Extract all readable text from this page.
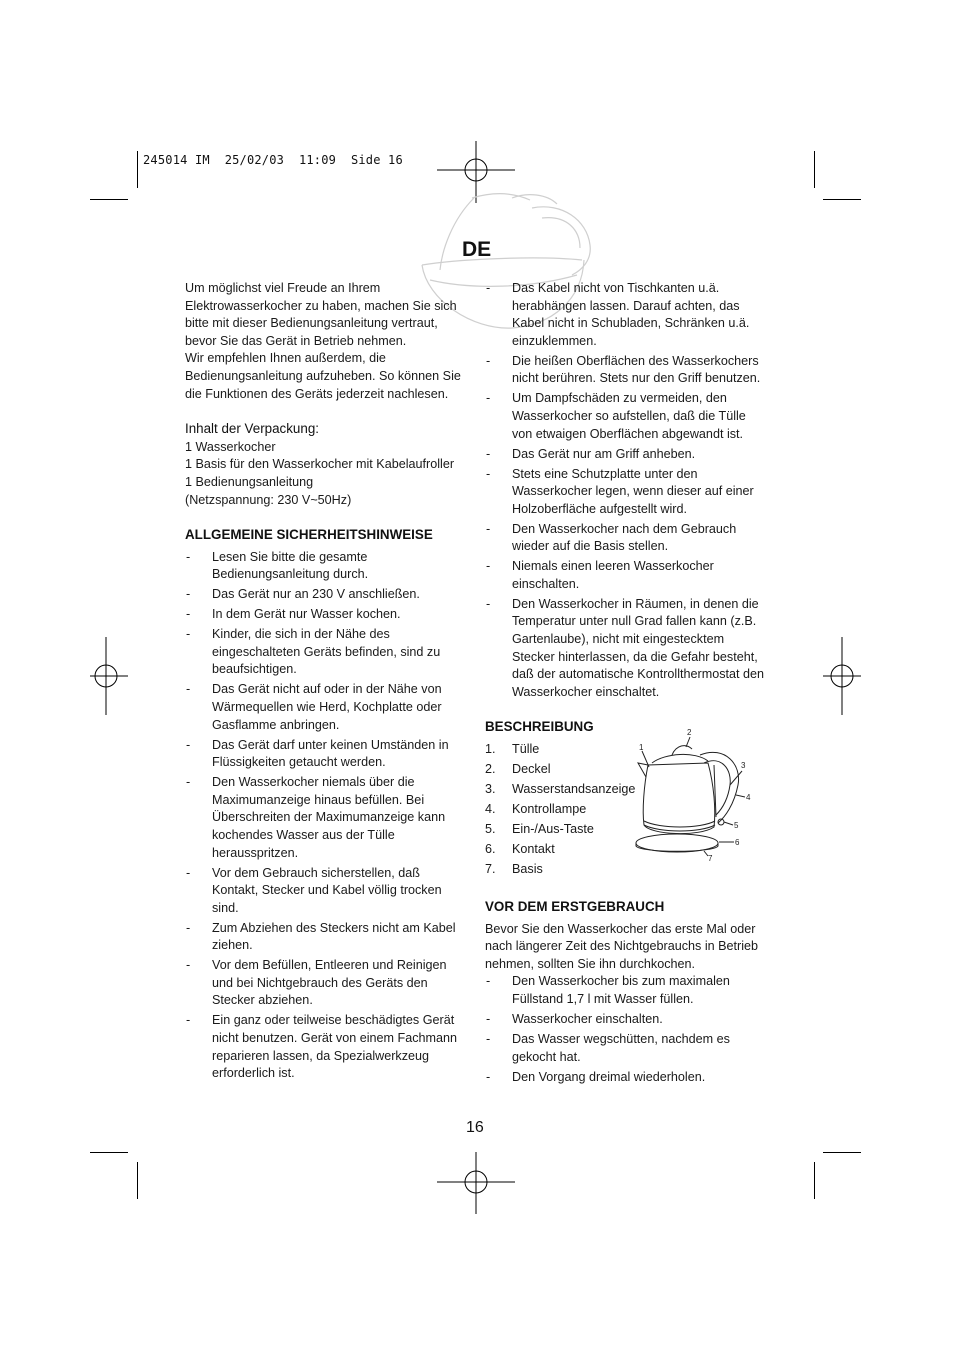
245014 IM 25/02/03 11:09 Side 16
DE

Um möglichst viel Freude an Ihrem Elektrowasserkocher zu haben, machen Sie sich bitte mit dieser Bedienungsanleitung vertraut, bevor Sie das Gerät in Betrieb nehmen.

Wir empfehlen Ihnen außerdem, die Bedienungsanleitung aufzuheben. So können Sie die Funktionen des Geräts jederzeit nachlesen.

Inhalt der Verpackung:
1 Wasserkocher
1 Basis für den Wasserkocher mit Kabelaufroller
1 Bedienungsanleitung
(Netzspannung: 230 V~50Hz)
ALLGEMEINE SICHERHEITSHINWEISE
- Lesen Sie bitte die gesamte Bedienungsanleitung durch.
- Das Gerät nur an 230 V anschließen.
- In dem Gerät nur Wasser kochen.
- Kinder, die sich in der Nähe des eingeschalteten Geräts befinden, sind zu beaufsichtigen.
- Das Gerät nicht auf oder in der Nähe von Wärmequellen wie Herd, Kochplatte oder Gasflamme anbringen.
- Das Gerät darf unter keinen Umständen in Flüssigkeiten getaucht werden.
- Den Wasserkocher niemals über die Maximumanzeige hinaus befüllen. Bei Überschreiten der Maximumanzeige kann kochendes Wasser aus der Tülle herausspritzen.
- Vor dem Gebrauch sicherstellen, daß Kontakt, Stecker und Kabel völlig trocken sind.
- Zum Abziehen des Steckers nicht am Kabel ziehen.
- Vor dem Befüllen, Entleeren und Reinigen und bei Nichtgebrauch des Geräts den Stecker abziehen.
- Ein ganz oder teilweise beschädigtes Gerät nicht benutzen. Gerät von einem Fachmann reparieren lassen, da Spezialwerkzeug erforderlich ist.
- Das Kabel nicht von Tischkanten u.ä. herabhängen lassen. Darauf achten, das Kabel nicht in Schubladen, Schränken u.ä. einzuklemmen.
- Die heißen Oberflächen des Wasserkochers nicht berühren. Stets nur den Griff benutzen.
- Um Dampfschäden zu vermeiden, den Wasserkocher so aufstellen, daß die Tülle von etwaigen Oberflächen abgewandt ist.
- Das Gerät nur am Griff anheben.
- Stets eine Schutzplatte unter den Wasserkocher legen, wenn dieser auf einer Holzoberfläche aufgestellt wird.
- Den Wasserkocher nach dem Gebrauch wieder auf die Basis stellen.
- Niemals einen leeren Wasserkocher einschalten.
- Den Wasserkocher in Räumen, in denen die Temperatur unter null Grad fallen kann (z.B. Gartenlaube), nicht mit eingestecktem Stecker hinterlassen, da die Gefahr besteht, daß der automatische Kontrollthermostat den Wasserkocher einschaltet.
BESCHREIBUNG
1. Tülle
2. Deckel
3. Wasserstandsanzeige
4. Kontrollampe
5. Ein-/Aus-Taste
6. Kontakt
7. Basis
VOR DEM ERSTGEBRAUCH

Bevor Sie den Wasserkocher das erste Mal oder nach längerer Zeit des Nichtgebrauchs in Betrieb nehmen, sollten Sie ihn durchkochen.

- Den Wasserkocher bis zum maximalen Füllstand 1,7 l mit Wasser füllen.
- Wasserkocher einschalten.
- Das Wasser wegschütten, nachdem es gekocht hat.
- Den Vorgang dreimal wiederholen.
1
2
3
4
5
6
7
16
